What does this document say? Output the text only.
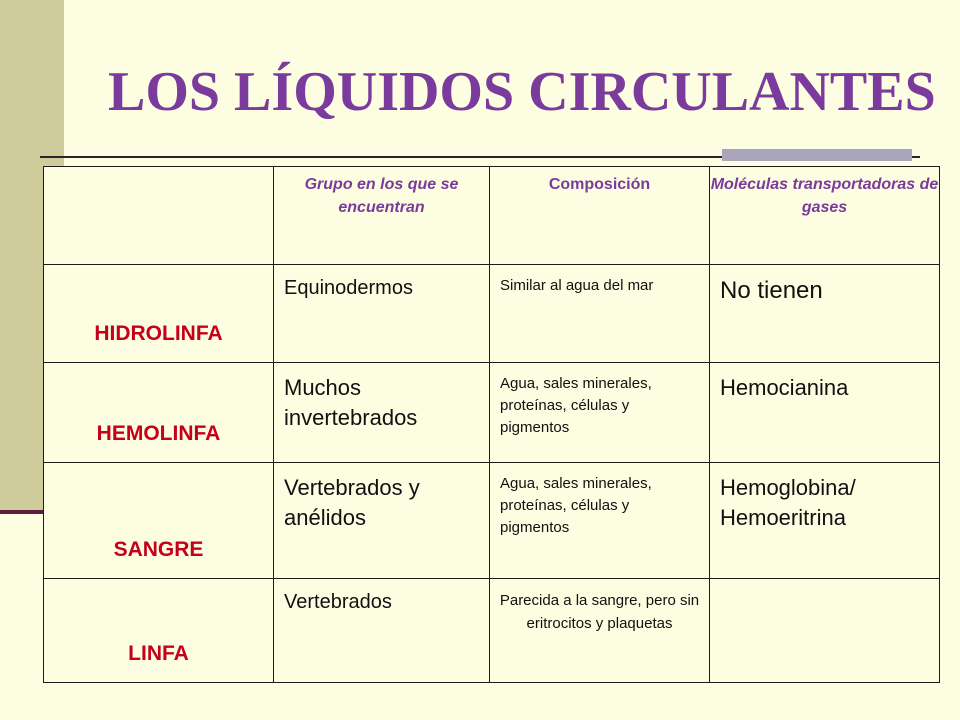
LOS LÍQUIDOS CIRCULANTES
	Grupo en los que se encuentran	Composición	Moléculas transportadoras de gases
HIDROLINFA	Equinodermos	Similar al agua del mar	No tienen
HEMOLINFA	Muchos invertebrados	Agua, sales minerales, proteínas, células y pigmentos	Hemocianina
SANGRE	Vertebrados y anélidos	Agua, sales minerales, proteínas, células y pigmentos	Hemoglobina/ Hemoeritrina
LINFA	Vertebrados	Parecida a la sangre, pero sin eritrocitos y plaquetas	
